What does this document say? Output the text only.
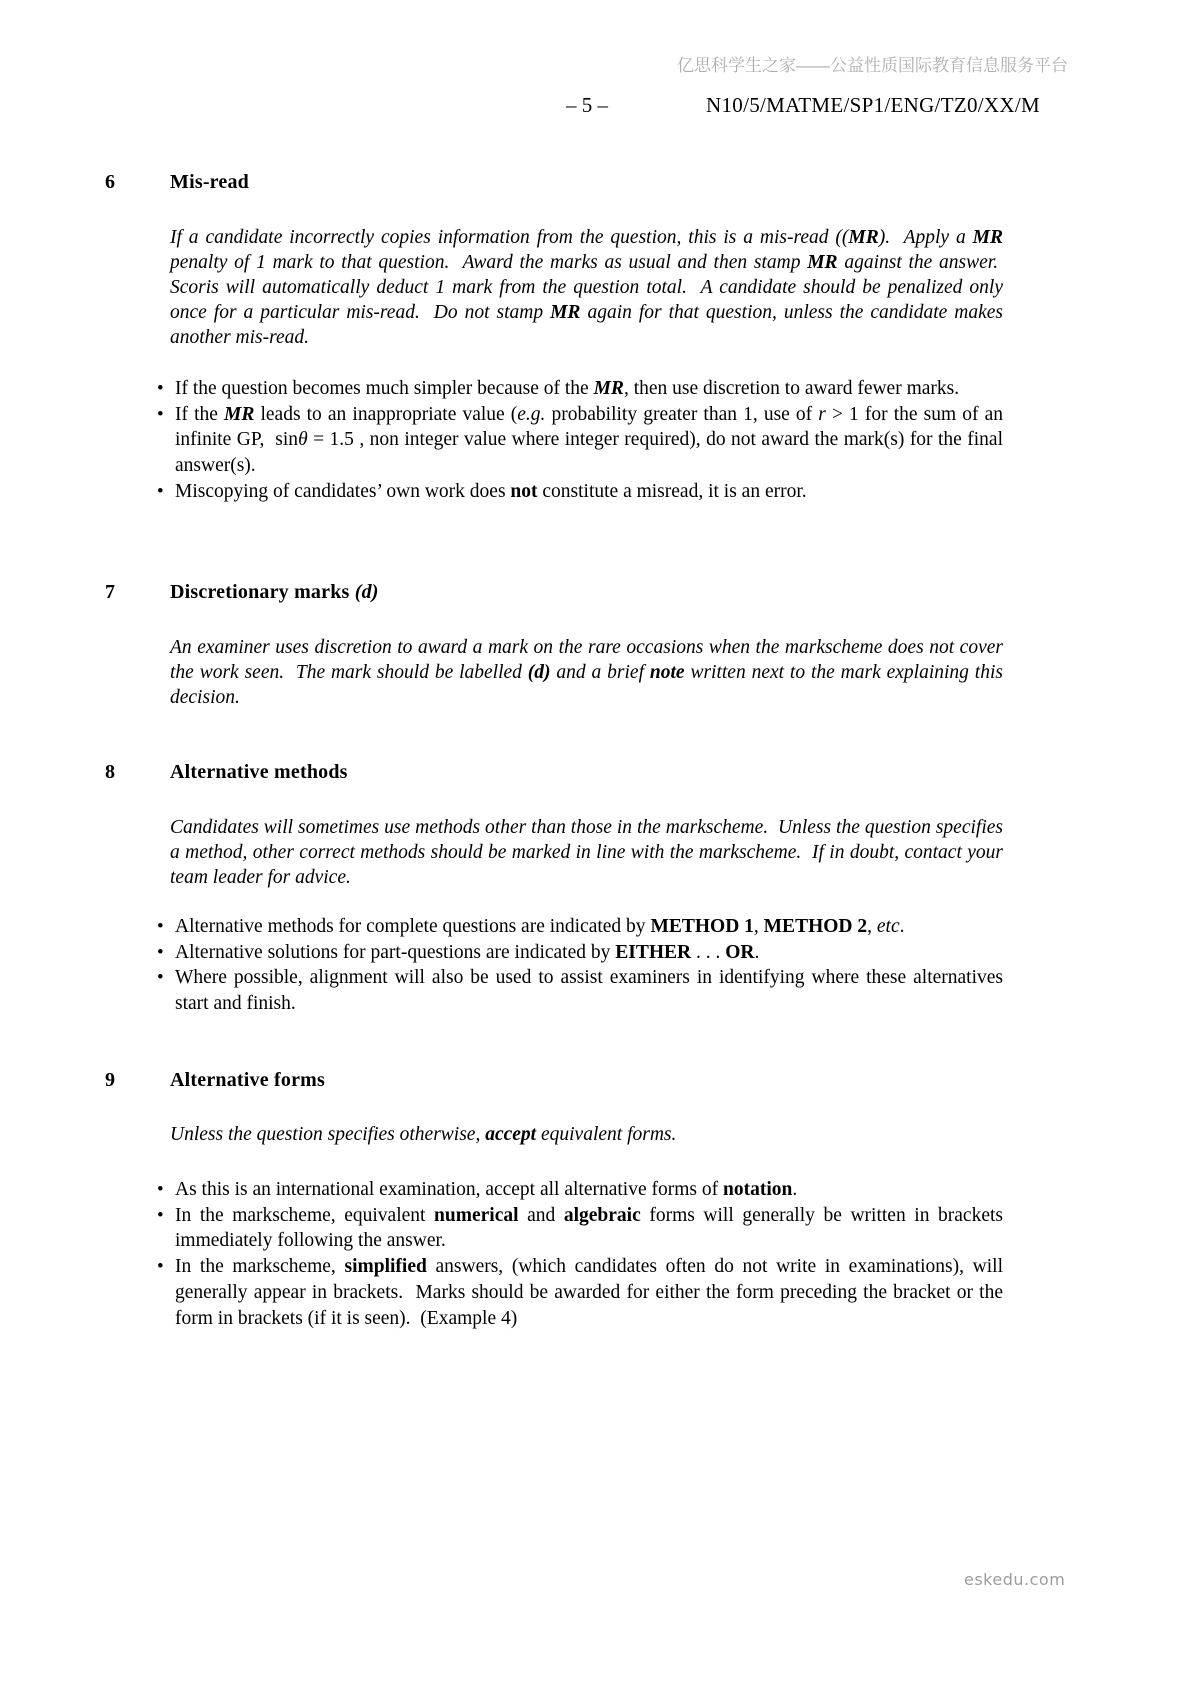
亿思科学生之家——公益性质国际教育信息服务平台
– 5 –	N10/5/MATME/SP1/ENG/TZ0/XX/M
6	Mis-read

If a candidate incorrectly copies information from the question, this is a mis-read ((MR).  Apply a MR penalty of 1 mark to that question.  Award the marks as usual and then stamp MR against the answer.  Scoris will automatically deduct 1 mark from the question total.  A candidate should be penalized only once for a particular mis-read.  Do not stamp MR again for that question, unless the candidate makes another mis-read.

• If the question becomes much simpler because of the MR, then use discretion to award fewer marks.
• If the MR leads to an inappropriate value (e.g. probability greater than 1, use of r > 1 for the sum of an infinite GP,  sinθ = 1.5 , non integer value where integer required), do not award the mark(s) for the final answer(s).
• Miscopying of candidates’ own work does not constitute a misread, it is an error.
7	Discretionary marks (d)

An examiner uses discretion to award a mark on the rare occasions when the markscheme does not cover the work seen.  The mark should be labelled (d) and a brief note written next to the mark explaining this decision.

8	Alternative methods

Candidates will sometimes use methods other than those in the markscheme.  Unless the question specifies a method, other correct methods should be marked in line with the markscheme.  If in doubt, contact your team leader for advice.

• Alternative methods for complete questions are indicated by METHOD 1, METHOD 2, etc.
• Alternative solutions for part-questions are indicated by EITHER . . . OR.
• Where possible, alignment will also be used to assist examiners in identifying where these alternatives start and finish.
9	Alternative forms

Unless the question specifies otherwise, accept equivalent forms.

• As this is an international examination, accept all alternative forms of notation.
• In the markscheme, equivalent numerical and algebraic forms will generally be written in brackets immediately following the answer.
• In the markscheme, simplified answers, (which candidates often do not write in examinations), will generally appear in brackets.  Marks should be awarded for either the form preceding the bracket or the form in brackets (if it is seen).  (Example 4)
eskedu.com
